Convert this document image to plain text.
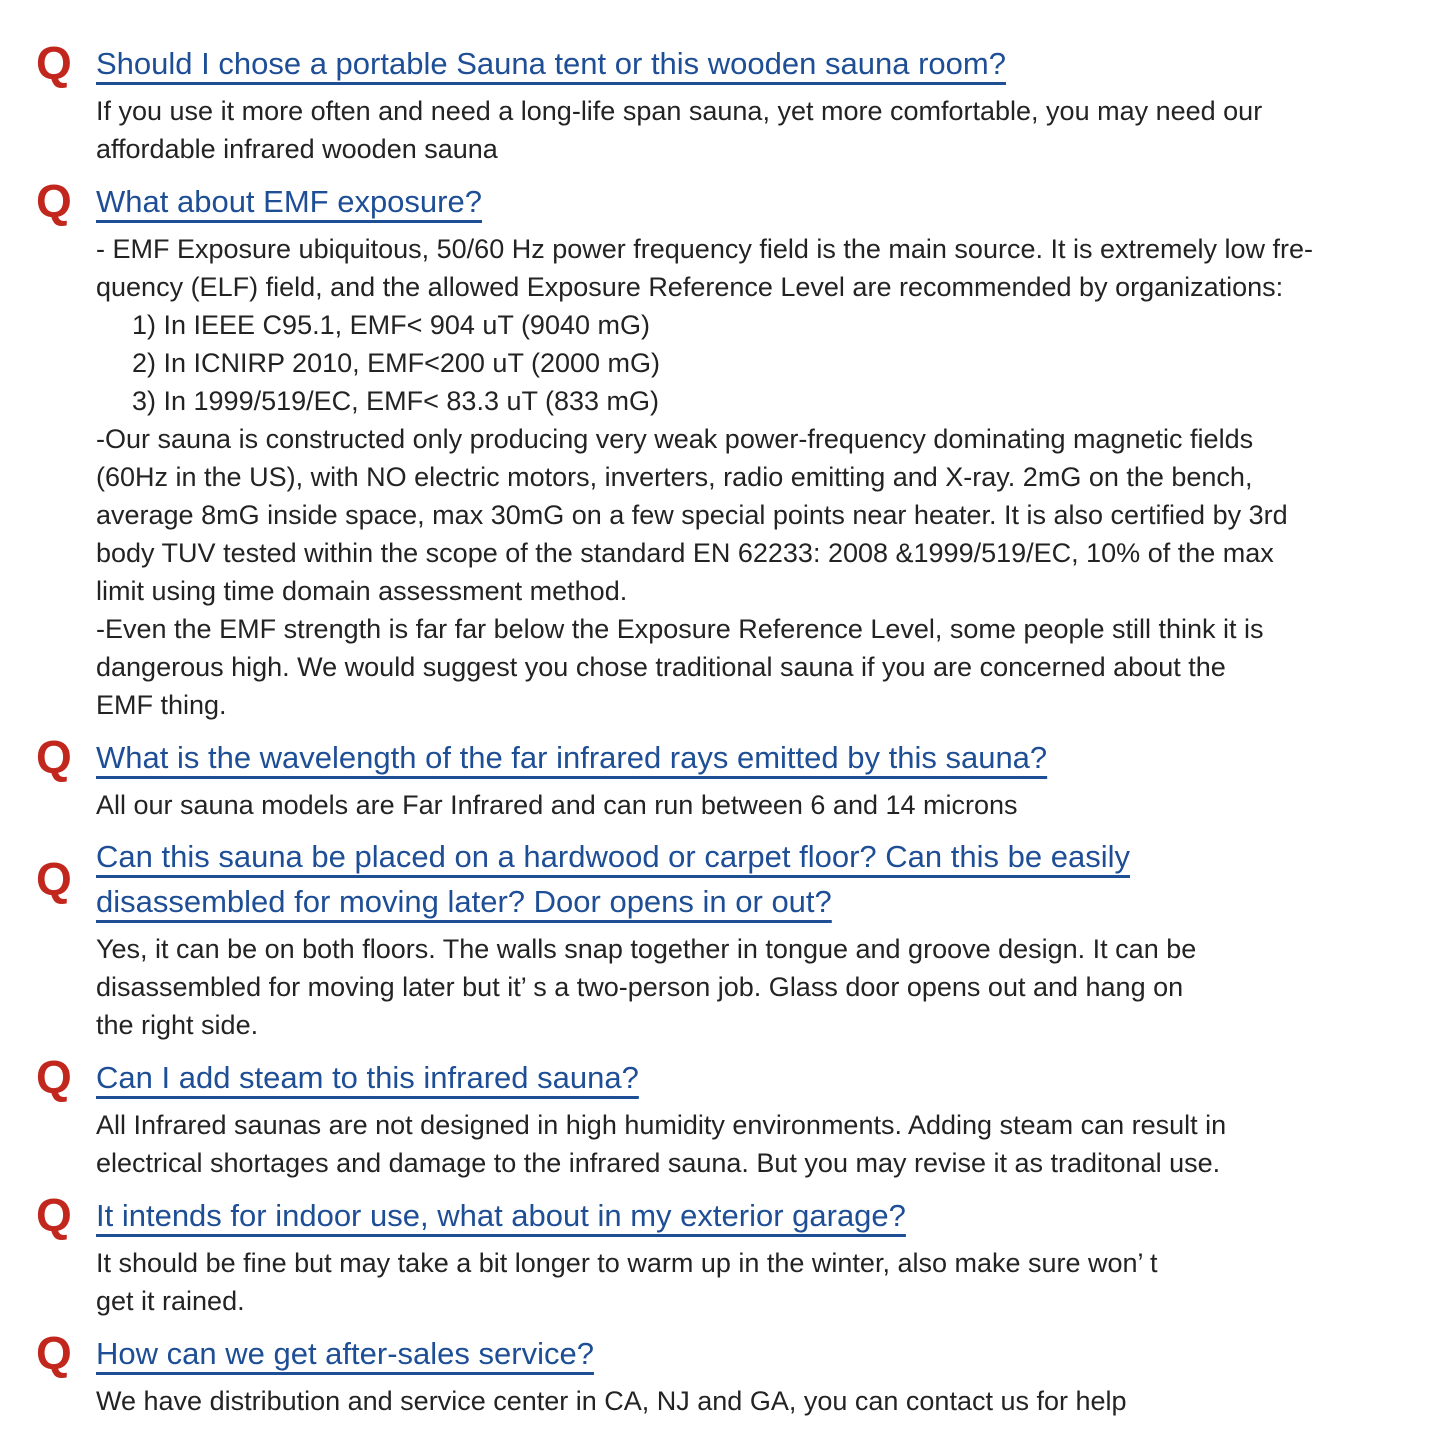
Q Should I chose a portable Sauna tent or this wooden sauna room?
If you use it more often and need a long-life span sauna, yet more comfortable, you may need our
affordable infrared wooden sauna
Q What about EMF exposure?
- EMF Exposure ubiquitous, 50/60 Hz power frequency field is the main source. It is extremely low fre-
quency (ELF) field, and the allowed Exposure Reference Level are recommended by organizations:
1) In IEEE C95.1, EMF< 904 uT (9040 mG)
2) In ICNIRP 2010, EMF<200 uT (2000 mG)
3) In 1999/519/EC, EMF< 83.3 uT (833 mG)
-Our sauna is constructed only producing very weak power-frequency dominating magnetic fields
(60Hz in the US), with NO electric motors, inverters, radio emitting and X-ray. 2mG on the bench,
average 8mG inside space, max 30mG on a few special points near heater. It is also certified by 3rd
body TUV tested within the scope of the standard EN 62233: 2008 &1999/519/EC, 10% of the max
limit using time domain assessment method.
-Even the EMF strength is far far below the Exposure Reference Level, some people still think it is
dangerous high. We would suggest you chose traditional sauna if you are concerned about the
EMF thing.
Q What is the wavelength of the far infrared rays emitted by this sauna?
All our sauna models are Far Infrared and can run between 6 and 14 microns
Q Can this sauna be placed on a hardwood or carpet floor? Can this be easily
disassembled for moving later? Door opens in or out?
Yes, it can be on both floors. The walls snap together in tongue and groove design. It can be
disassembled for moving later but it’ s a two-person job. Glass door opens out and hang on
the right side.
Q Can I add steam to this infrared sauna?
All Infrared saunas are not designed in high humidity environments. Adding steam can result in
electrical shortages and damage to the infrared sauna. But you may revise it as traditonal use.
Q It intends for indoor use, what about in my exterior garage?
It should be fine but may take a bit longer to warm up in the winter, also make sure won’ t
get it rained.
Q How can we get after-sales service?
We have distribution and service center in CA, NJ and GA, you can contact us for help
